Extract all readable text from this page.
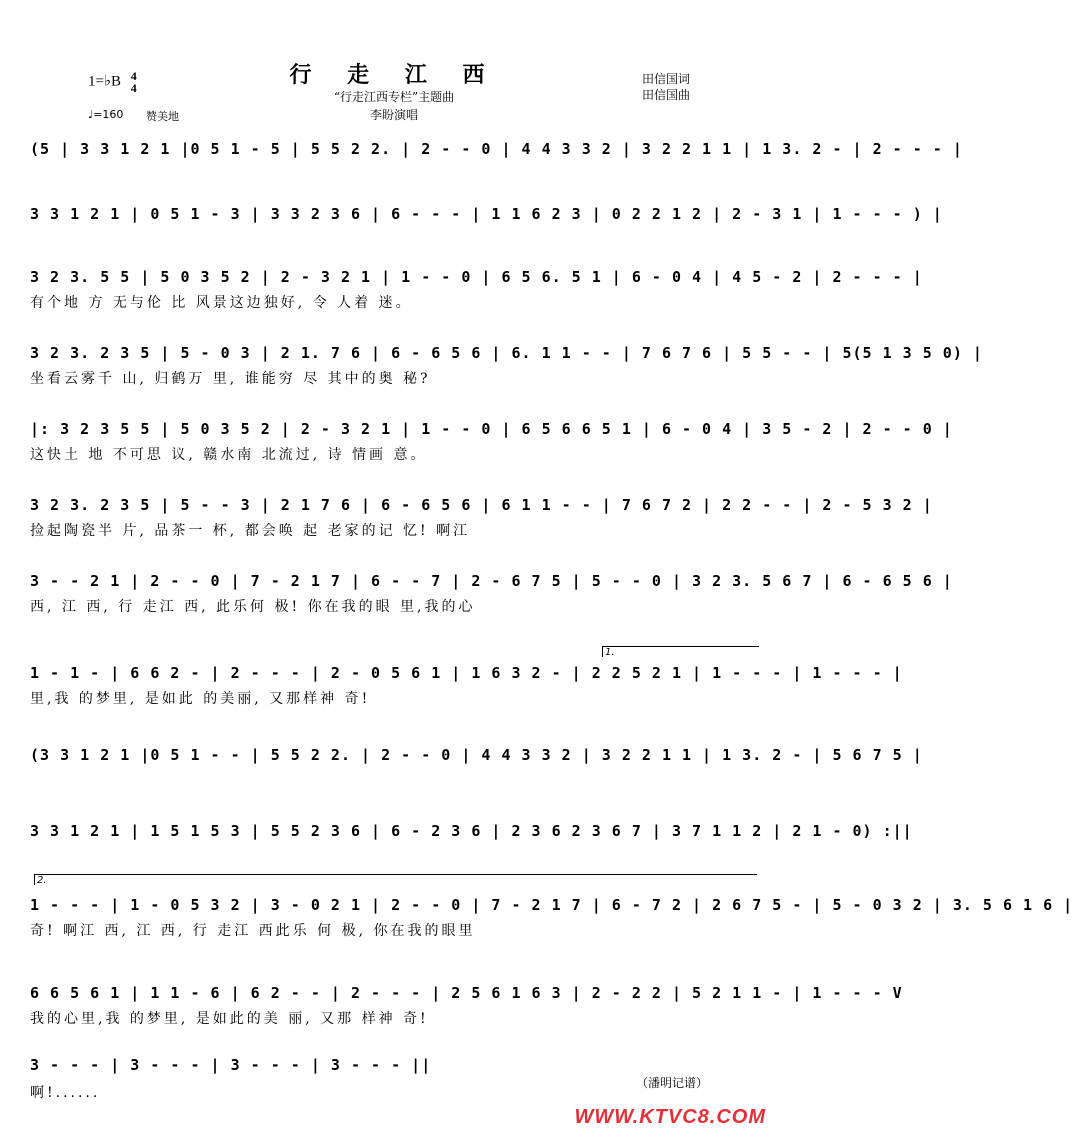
行 走 江 西
“行走江西专栏”主题曲
李盼演唱
田信国词
田信国曲
1=♭B 4
4
♩=160 赞美地
(5 | 3 3 1 2 1 |0 5 1 - 5 | 5 5 2 2. | 2 - - 0 | 4 4 3 3 2 | 3 2 2 1 1 | 1 3. 2 - | 2 - - - |
3 3 1 2 1 | 0 5 1 - 3 | 3 3 2 3 6 | 6 - - - | 1 1 6 2 3 | 0 2 2 1 2 | 2 - 3 1 | 1 - - - ) |
3 2 3. 5 5 | 5 0 3 5 2 | 2 - 3 2 1 | 1 - - 0 | 6 5 6. 5 1 | 6 - 0 4 | 4 5 - 2 | 2 - - - |
有个地 方 无与伦 比 风景这边独好, 令 人着 迷。
3 2 3. 2 3 5 | 5 - 0 3 | 2 1. 7 6 | 6 - 6 5 6 | 6. 1 1 - - | 7 6 7 6 | 5 5 - - | 5(5 1 3 5 0) |
坐看云雾千 山, 归鹤万 里, 谁能穷 尽 其中的奥 秘?
|: 3 2 3 5 5 | 5 0 3 5 2 | 2 - 3 2 1 | 1 - - 0 | 6 5 6 6 5 1 | 6 - 0 4 | 3 5 - 2 | 2 - - 0 |
这快土 地 不可思 议, 赣水南 北流过, 诗 情画 意。
3 2 3. 2 3 5 | 5 - - 3 | 2 1 7 6 | 6 - 6 5 6 | 6 1 1 - - | 7 6 7 2 | 2 2 - - | 2 - 5 3 2 |
捡起陶瓷半 片, 品茶一 杯, 都会唤 起 老家的记 忆! 啊江
3 - - 2 1 | 2 - - 0 | 7 - 2 1 7 | 6 - - 7 | 2 - 6 7 5 | 5 - - 0 | 3 2 3. 5 6 7 | 6 - 6 5 6 |
西, 江 西, 行 走江 西, 此乐何 极! 你在我的眼 里,我的心
1.
1 - 1 - | 6 6 2 - | 2 - - - | 2 - 0 5 6 1 | 1 6 3 2 - | 2 2 5 2 1 | 1 - - - | 1 - - - |
里,我 的梦里, 是如此 的美丽, 又那样神 奇!
(3 3 1 2 1 |0 5 1 - - | 5 5 2 2. | 2 - - 0 | 4 4 3 3 2 | 3 2 2 1 1 | 1 3. 2 - | 5 6 7 5 |
3 3 1 2 1 | 1 5 1 5 3 | 5 5 2 3 6 | 6 - 2 3 6 | 2 3 6 2 3 6 7 | 3 7 1 1 2 | 2 1 - 0) :||
2.
1 - - - | 1 - 0 5 3 2 | 3 - 0 2 1 | 2 - - 0 | 7 - 2 1 7 | 6 - 7 2 | 2 6 7 5 - | 5 - 0 3 2 | 3. 5 6 1 6 |
奇! 啊江 西, 江 西, 行 走江 西此乐 何 极, 你在我的眼里
6 6 5 6 1 | 1 1 - 6 | 6 2 - - | 2 - - - | 2 5 6 1 6 3 | 2 - 2 2 | 5 2 1 1 - | 1 - - - V
我的心里,我 的梦里, 是如此的美 丽, 又那 样神 奇!
3 - - - | 3 - - - | 3 - - - | 3 - - - ||
啊!......
（潘明记谱）
WWW.KTVC8.COM
